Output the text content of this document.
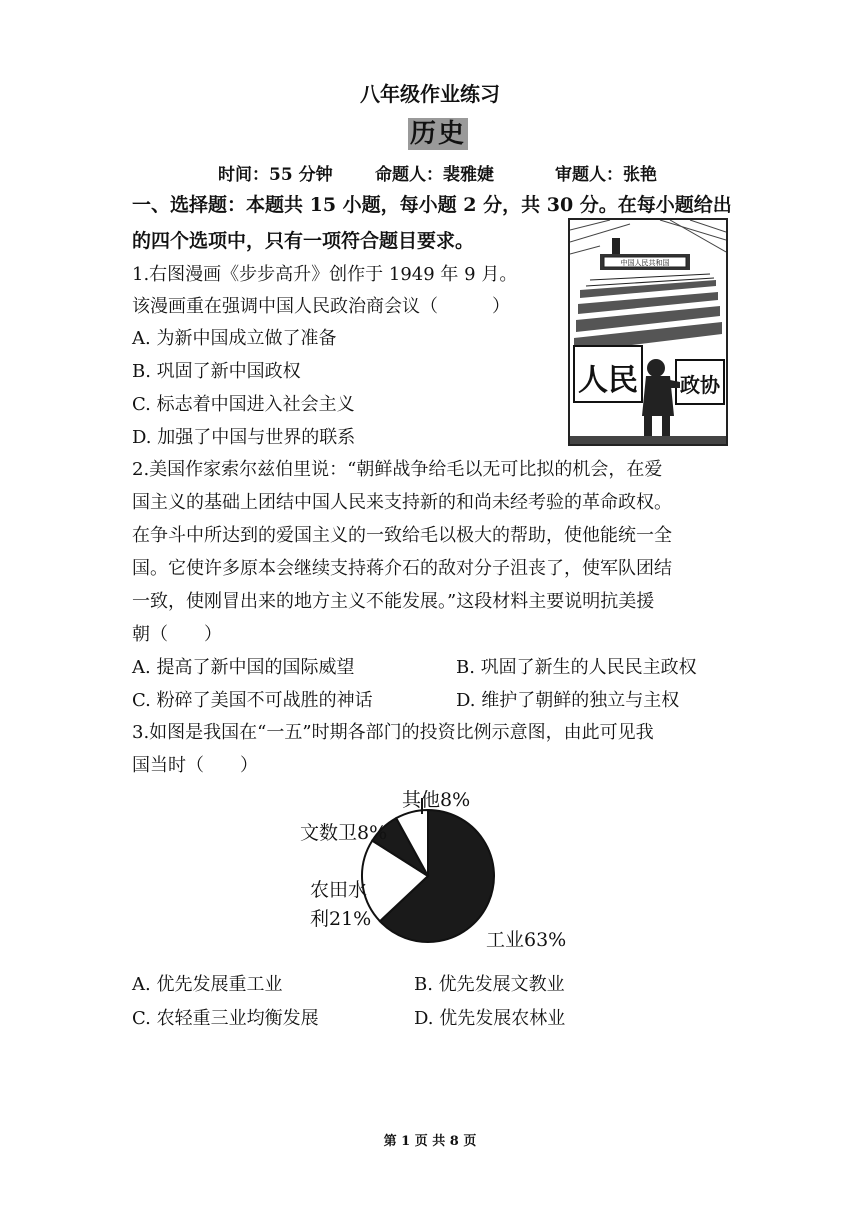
八年级作业练习
历史
时间：55 分钟 命题人：裴雅婕	审题人：张艳
一、选择题：本题共 15 小题，每小题 2 分，共 30 分。在每小题给出
的四个选项中，只有一项符合题目要求。
1.右图漫画《步步高升》创作于 1949 年 9 月。
该漫画重在强调中国人民政治商会议（　　　）
A. 为新中国成立做了准备
B. 巩固了新中国政权
C. 标志着中国进入社会主义
D. 加强了中国与世界的联系
中国人民共和国
人民 政协
2.美国作家索尔兹伯里说：“朝鲜战争给毛以无可比拟的机会，在爱
国主义的基础上团结中国人民来支持新的和尚未经考验的革命政权。
在争斗中所达到的爱国主义的一致给毛以极大的帮助，使他能统一全
国。它使许多原本会继续支持蒋介石的敌对分子沮丧了，使军队团结
一致，使刚冒出来的地方主义不能发展。”这段材料主要说明抗美援
朝（　　）
A. 提高了新中国的国际威望	B. 巩固了新生的人民民主政权
C. 粉碎了美国不可战胜的神话	D. 维护了朝鲜的独立与主权
3.如图是我国在“一五”时期各部门的投资比例示意图，由此可见我
国当时（　　）
其他8%
文数卫8%
农田水
利21%
工业63%
A. 优先发展重工业	B. 优先发展文教业
C. 农轻重三业均衡发展	D. 优先发展农林业
第 1 页 共 8 页
